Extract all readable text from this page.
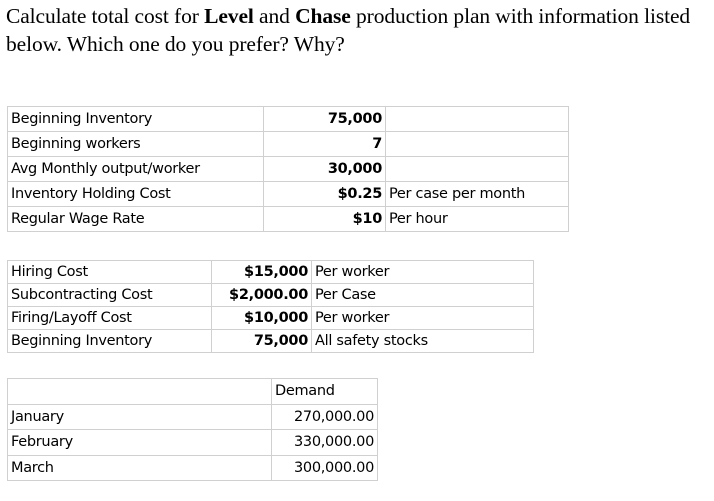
Calculate total cost for Level and Chase production plan with information listed below. Which one do you prefer? Why?
Beginning Inventory	75,000	
Beginning workers	7	
Avg Monthly output/worker	30,000	
Inventory Holding Cost	$0.25	Per case per month
Regular Wage Rate	$10	Per hour
Hiring Cost	$15,000	Per worker
Subcontracting Cost	$2,000.00	Per Case
Firing/Layoff Cost	$10,000	Per worker
Beginning Inventory	75,000	All safety stocks
	Demand
January	270,000.00
February	330,000.00
March	300,000.00
